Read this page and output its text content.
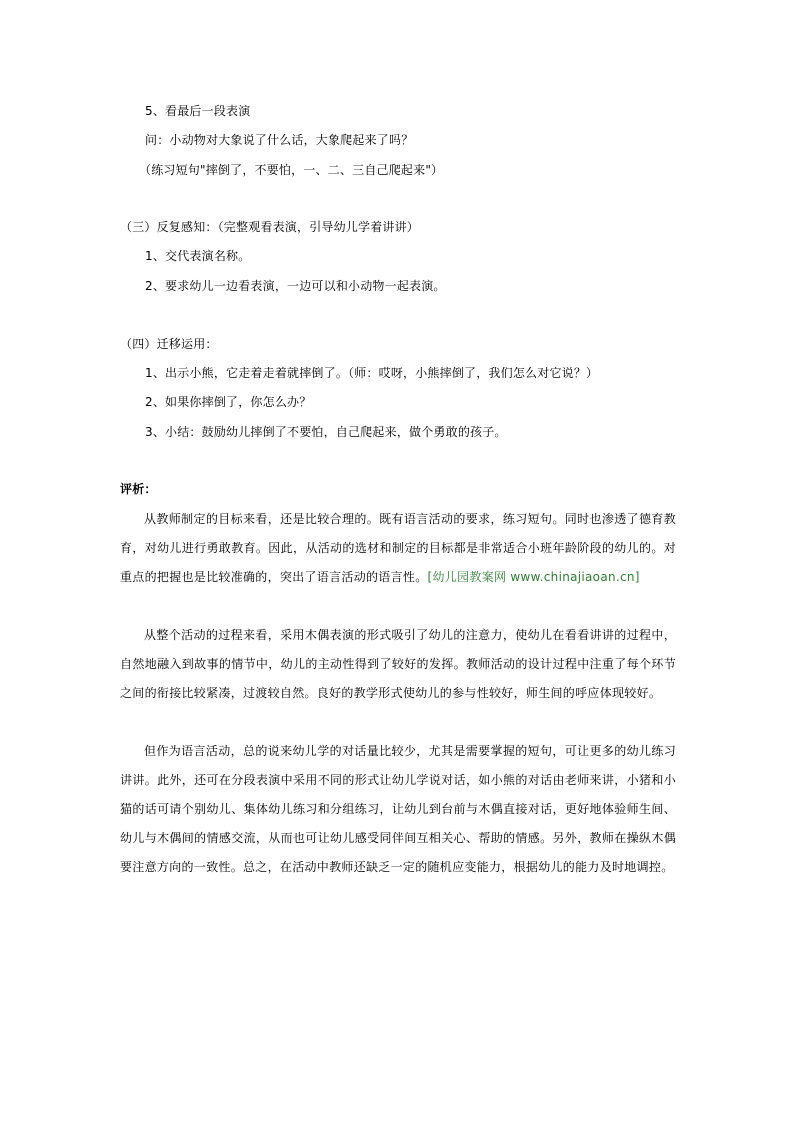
5、看最后一段表演
问：小动物对大象说了什么话，大象爬起来了吗？
（练习短句"摔倒了，不要怕，一、二、三自己爬起来"）
（三）反复感知：（完整观看表演，引导幼儿学着讲讲）
1、交代表演名称。
2、要求幼儿一边看表演，一边可以和小动物一起表演。
（四）迁移运用：
1、出示小熊，它走着走着就摔倒了。（师：哎呀，小熊摔倒了，我们怎么对它说？）
2、如果你摔倒了，你怎么办？
3、小结：鼓励幼儿摔倒了不要怕，自己爬起来，做个勇敢的孩子。
评析：
从教师制定的目标来看，还是比较合理的。既有语言活动的要求，练习短句。同时也渗透了德育教育，对幼儿进行勇敢教育。因此，从活动的选材和制定的目标都是非常适合小班年龄阶段的幼儿的。对重点的把握也是比较准确的，突出了语言活动的语言性。[幼儿园教案网 www.chinajiaoan.cn]
从整个活动的过程来看，采用木偶表演的形式吸引了幼儿的注意力，使幼儿在看看讲讲的过程中，自然地融入到故事的情节中，幼儿的主动性得到了较好的发挥。教师活动的设计过程中注重了每个环节之间的衔接比较紧凑，过渡较自然。良好的教学形式使幼儿的参与性较好，师生间的呼应体现较好。
但作为语言活动，总的说来幼儿学的对话量比较少，尤其是需要掌握的短句，可让更多的幼儿练习讲讲。此外，还可在分段表演中采用不同的形式让幼儿学说对话，如小熊的对话由老师来讲，小猪和小猫的话可请个别幼儿、集体幼儿练习和分组练习，让幼儿到台前与木偶直接对话，更好地体验师生间、幼儿与木偶间的情感交流，从而也可让幼儿感受同伴间互相关心、帮助的情感。另外，教师在操纵木偶要注意方向的一致性。总之，在活动中教师还缺乏一定的随机应变能力，根据幼儿的能力及时地调控。
